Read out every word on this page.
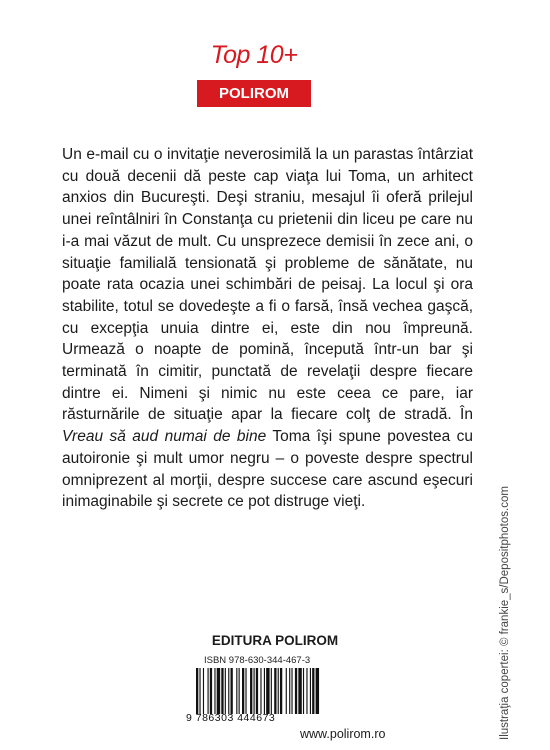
Top 10+
POLIROM

Un e-mail cu o invitaţie neverosimilă la un parastas întârziat cu două decenii dă peste cap viaţa lui Toma, un arhitect anxios din Bucureşti. Deşi straniu, mesajul îi oferă prilejul unei reîntâlniri în Constanţa cu prietenii din liceu pe care nu i-a mai văzut de mult. Cu unsprezece demisii în zece ani, o situaţie familială tensionată şi probleme de sănătate, nu poate rata ocazia unei schimbări de peisaj. La locul şi ora stabilite, totul se dovedeşte a fi o farsă, însă vechea gaşcă, cu excepţia unuia dintre ei, este din nou împreună. Urmează o noapte de pomină, începută într-un bar şi terminată în cimitir, punctată de revelaţii despre fiecare dintre ei. Nimeni şi nimic nu este ceea ce pare, iar răsturnările de situaţie apar la fiecare colţ de stradă. În Vreau să aud numai de bine Toma îşi spune povestea cu autoironie şi mult umor negru – o poveste despre spectrul omniprezent al morţii, despre succese care ascund eşecuri inimaginabile şi secrete ce pot distruge vieţi.

EDITURA POLIROM
ISBN 978-630-344-467-3
9 786303 444673
www.polirom.ro	Ilustraţia copertei: © frankie_s/Depositphotos.com
